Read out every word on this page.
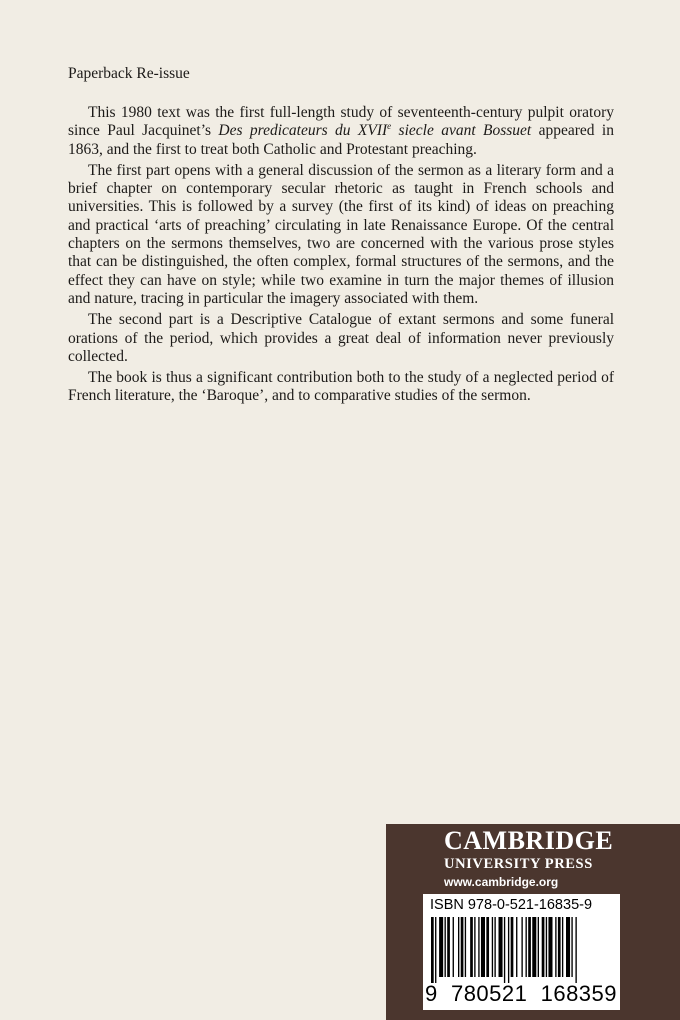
Paperback Re-issue

This 1980 text was the first full-length study of seventeenth-century pulpit oratory since Paul Jacquinet’s Des predicateurs du XVIIe siecle avant Bossuet appeared in 1863, and the first to treat both Catholic and Protestant preaching.

The first part opens with a general discussion of the sermon as a literary form and a brief chapter on contemporary secular rhetoric as taught in French schools and universities. This is followed by a survey (the first of its kind) of ideas on preaching and practical ‘arts of preaching’ circulating in late Renaissance Europe. Of the central chapters on the sermons themselves, two are concerned with the various prose styles that can be distinguished, the often complex, formal structures of the sermons, and the effect they can have on style; while two examine in turn the major themes of illusion and nature, tracing in particular the imagery associated with them.

The second part is a Descriptive Catalogue of extant sermons and some funeral orations of the period, which provides a great deal of information never previously collected.

The book is thus a significant contribution both to the study of a neglected period of French literature, the ‘Baroque’, and to comparative studies of the sermon.

CAMBRIDGE
UNIVERSITY PRESS
www.cambridge.org
ISBN 978-0-521-16835-9
9  780521  168359
